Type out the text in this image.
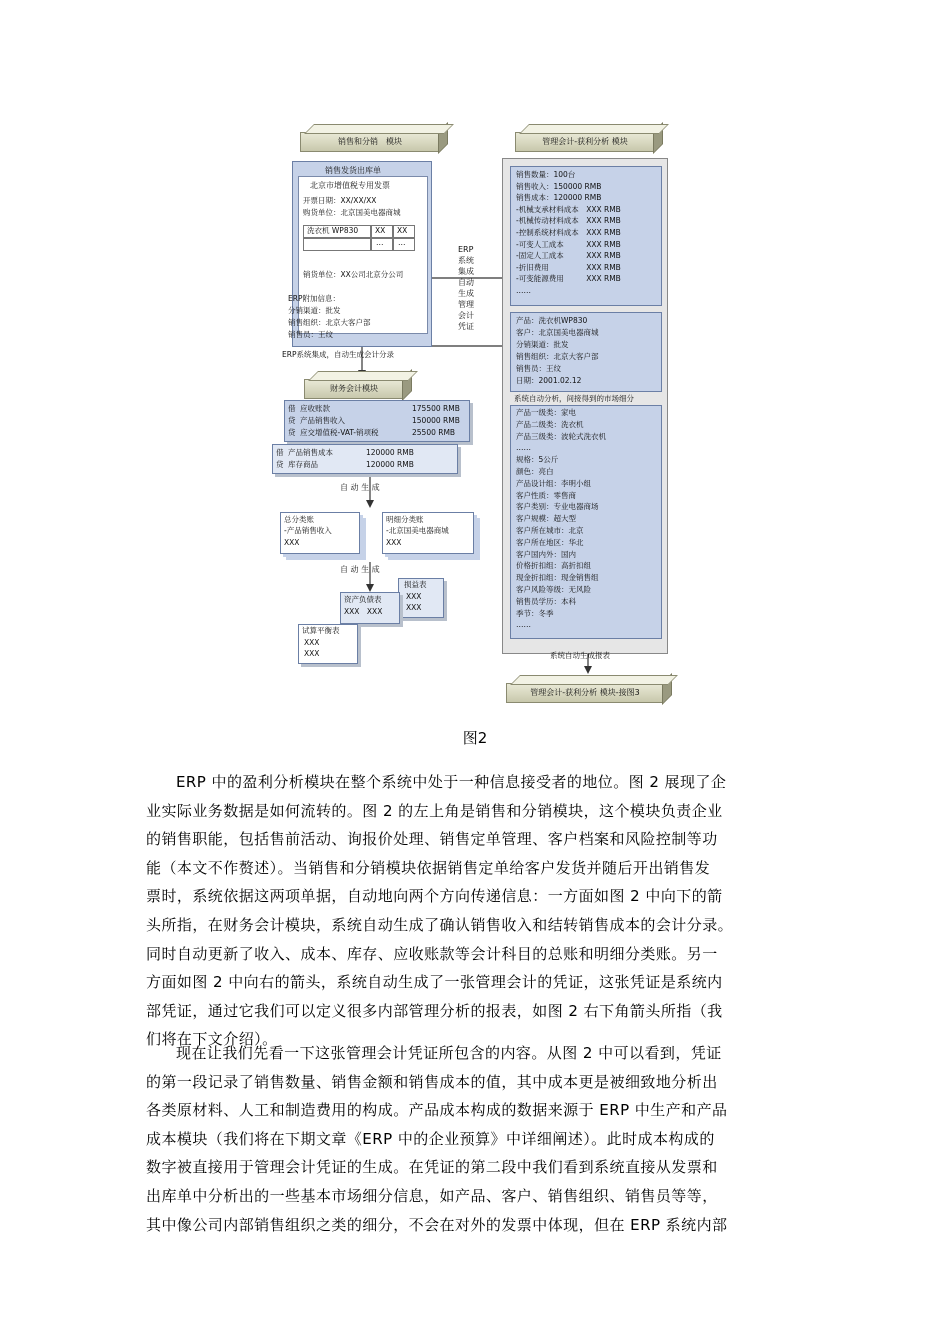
销售和分销　模块	管理会计-获利分析 模块
销售发货出库单
北京市增值税专用发票
开票日期：XX/XX/XX
购货单位：北京国美电器商城
洗衣机 WP830 XX XX
… …
销货单位：XX公司北京分公司
ERP附加信息：
分销渠道：批发
销售组织：北京大客户部
销售员：王纹
ERP
系统
集成
自动
生成
管理
会计
凭证
ERP系统集成，自动生成会计分录
财务会计模块
借 应收账款	175500 RMB
贷 产品销售收入	150000 RMB
贷 应交增值税-VAT-销项税	25500 RMB
借 产品销售成本	120000 RMB
贷 库存商品	120000 RMB
自 动 生 成
总分类账
-产品销售收入
XXX
明细分类账
-北京国美电器商城
XXX
自 动 生 成
损益表
XXX
XXX
资产负债表
XXX　XXX
试算平衡表
XXX
XXX
销售数量：100台
销售收入：150000 RMB
销售成本：120000 RMB
-机械支承材料成本　XXX RMB
-机械传动材料成本　XXX RMB
-控制系统材料成本　XXX RMB
-可变人工成本　　　XXX RMB
-固定人工成本　　　XXX RMB
-折旧费用　　　　　XXX RMB
-可变能源费用　　　XXX RMB
……
产品：洗衣机WP830
客户：北京国美电器商城
分销渠道：批发
销售组织：北京大客户部
销售员：王纹
日期：2001.02.12
系统自动分析，间接得到的市场细分
产品一级类：家电
产品二级类：洗衣机
产品三级类：波轮式洗衣机
……
规格：5公斤
颜色：亮白
产品设计组：李明小组
客户性质：零售商
客户类别：专业电器商场
客户规模：超大型
客户所在城市：北京
客户所在地区：华北
客户国内外：国内
价格折扣组：高折扣组
现金折扣组：现金销售组
客户风险等级：无风险
销售员学历：本科
季节：冬季
……
系统自动生成报表
管理会计-获利分析 模块-接图3
图2
ERP 中的盈利分析模块在整个系统中处于一种信息接受者的地位。图 2 展现了企
业实际业务数据是如何流转的。图 2 的左上角是销售和分销模块，这个模块负责企业
的销售职能，包括售前活动、询报价处理、销售定单管理、客户档案和风险控制等功
能（本文不作赘述）。当销售和分销模块依据销售定单给客户发货并随后开出销售发
票时，系统依据这两项单据，自动地向两个方向传递信息：一方面如图 2 中向下的箭
头所指，在财务会计模块，系统自动生成了确认销售收入和结转销售成本的会计分录。
同时自动更新了收入、成本、库存、应收账款等会计科目的总账和明细分类账。另一
方面如图 2 中向右的箭头，系统自动生成了一张管理会计的凭证，这张凭证是系统内
部凭证，通过它我们可以定义很多内部管理分析的报表，如图 2 右下角箭头所指（我
们将在下文介绍）。
现在让我们先看一下这张管理会计凭证所包含的内容。从图 2 中可以看到，凭证
的第一段记录了销售数量、销售金额和销售成本的值，其中成本更是被细致地分析出
各类原材料、人工和制造费用的构成。产品成本构成的数据来源于 ERP 中生产和产品
成本模块（我们将在下期文章《ERP 中的企业预算》中详细阐述）。此时成本构成的
数字被直接用于管理会计凭证的生成。在凭证的第二段中我们看到系统直接从发票和
出库单中分析出的一些基本市场细分信息，如产品、客户、销售组织、销售员等等，
其中像公司内部销售组织之类的细分，不会在对外的发票中体现，但在 ERP 系统内部
